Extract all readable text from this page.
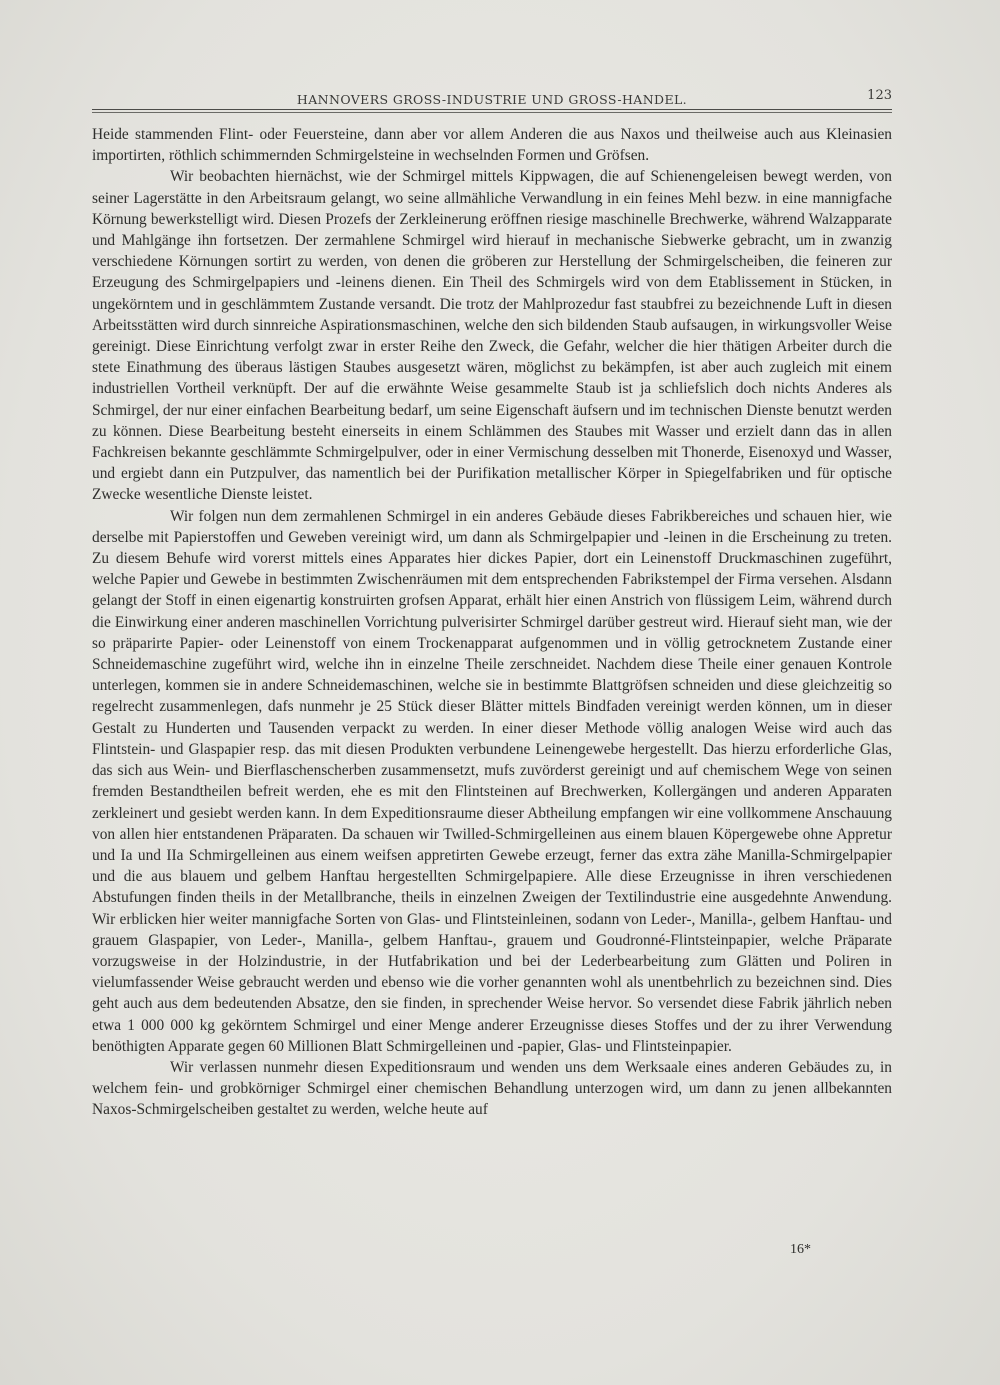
HANNOVERS GROSS-INDUSTRIE UND GROSS-HANDEL.	123

Heide stammenden Flint- oder Feuersteine, dann aber vor allem Anderen die aus Naxos und theilweise auch aus Kleinasien importirten, röthlich schimmernden Schmirgelsteine in wechselnden Formen und Gröfsen.

Wir beobachten hiernächst, wie der Schmirgel mittels Kippwagen, die auf Schienengeleisen bewegt werden, von seiner Lagerstätte in den Arbeitsraum gelangt, wo seine allmähliche Verwandlung in ein feines Mehl bezw. in eine mannigfache Körnung bewerkstelligt wird. Diesen Prozefs der Zerkleinerung eröffnen riesige maschinelle Brechwerke, während Walzapparate und Mahlgänge ihn fortsetzen. Der zermahlene Schmirgel wird hierauf in mechanische Siebwerke gebracht, um in zwanzig verschiedene Körnungen sortirt zu werden, von denen die gröberen zur Herstellung der Schmirgelscheiben, die feineren zur Erzeugung des Schmirgelpapiers und -leinens dienen. Ein Theil des Schmirgels wird von dem Etablissement in Stücken, in ungekörntem und in geschlämmtem Zustande versandt. Die trotz der Mahlprozedur fast staubfrei zu bezeichnende Luft in diesen Arbeitsstätten wird durch sinnreiche Aspirationsmaschinen, welche den sich bildenden Staub aufsaugen, in wirkungsvoller Weise gereinigt. Diese Einrichtung verfolgt zwar in erster Reihe den Zweck, die Gefahr, welcher die hier thätigen Arbeiter durch die stete Einathmung des überaus lästigen Staubes ausgesetzt wären, möglichst zu bekämpfen, ist aber auch zugleich mit einem industriellen Vortheil verknüpft. Der auf die erwähnte Weise gesammelte Staub ist ja schliefslich doch nichts Anderes als Schmirgel, der nur einer einfachen Bearbeitung bedarf, um seine Eigenschaft äufsern und im technischen Dienste benutzt werden zu können. Diese Bearbeitung besteht einerseits in einem Schlämmen des Staubes mit Wasser und erzielt dann das in allen Fachkreisen bekannte geschlämmte Schmirgelpulver, oder in einer Vermischung desselben mit Thonerde, Eisenoxyd und Wasser, und ergiebt dann ein Putzpulver, das namentlich bei der Purifikation metallischer Körper in Spiegelfabriken und für optische Zwecke wesentliche Dienste leistet.

Wir folgen nun dem zermahlenen Schmirgel in ein anderes Gebäude dieses Fabrikbereiches und schauen hier, wie derselbe mit Papierstoffen und Geweben vereinigt wird, um dann als Schmirgelpapier und -leinen in die Erscheinung zu treten. Zu diesem Behufe wird vorerst mittels eines Apparates hier dickes Papier, dort ein Leinenstoff Druckmaschinen zugeführt, welche Papier und Gewebe in bestimmten Zwischenräumen mit dem entsprechenden Fabrikstempel der Firma versehen. Alsdann gelangt der Stoff in einen eigenartig konstruirten grofsen Apparat, erhält hier einen Anstrich von flüssigem Leim, während durch die Einwirkung einer anderen maschinellen Vorrichtung pulverisirter Schmirgel darüber gestreut wird. Hierauf sieht man, wie der so präparirte Papier- oder Leinenstoff von einem Trockenapparat aufgenommen und in völlig getrocknetem Zustande einer Schneidemaschine zugeführt wird, welche ihn in einzelne Theile zerschneidet. Nachdem diese Theile einer genauen Kontrole unterlegen, kommen sie in andere Schneidemaschinen, welche sie in bestimmte Blattgröfsen schneiden und diese gleichzeitig so regelrecht zusammenlegen, dafs nunmehr je 25 Stück dieser Blätter mittels Bindfaden vereinigt werden können, um in dieser Gestalt zu Hunderten und Tausenden verpackt zu werden. In einer dieser Methode völlig analogen Weise wird auch das Flintstein- und Glaspapier resp. das mit diesen Produkten verbundene Leinengewebe hergestellt. Das hierzu erforderliche Glas, das sich aus Wein- und Bierflaschenscherben zusammensetzt, mufs zuvörderst gereinigt und auf chemischem Wege von seinen fremden Bestandtheilen befreit werden, ehe es mit den Flintsteinen auf Brechwerken, Kollergängen und anderen Apparaten zerkleinert und gesiebt werden kann. In dem Expeditionsraume dieser Abtheilung empfangen wir eine vollkommene Anschauung von allen hier entstandenen Präparaten. Da schauen wir Twilled-Schmirgelleinen aus einem blauen Köpergewebe ohne Appretur und Ia und IIa Schmirgelleinen aus einem weifsen appretirten Gewebe erzeugt, ferner das extra zähe Manilla-Schmirgelpapier und die aus blauem und gelbem Hanftau hergestellten Schmirgelpapiere. Alle diese Erzeugnisse in ihren verschiedenen Abstufungen finden theils in der Metallbranche, theils in einzelnen Zweigen der Textilindustrie eine ausgedehnte Anwendung. Wir erblicken hier weiter mannigfache Sorten von Glas- und Flintsteinleinen, sodann von Leder-, Manilla-, gelbem Hanftau- und grauem Glaspapier, von Leder-, Manilla-, gelbem Hanftau-, grauem und Goudronné-Flintsteinpapier, welche Präparate vorzugsweise in der Holzindustrie, in der Hutfabrikation und bei der Lederbearbeitung zum Glätten und Poliren in vielumfassender Weise gebraucht werden und ebenso wie die vorher genannten wohl als unentbehrlich zu bezeichnen sind. Dies geht auch aus dem bedeutenden Absatze, den sie finden, in sprechender Weise hervor. So versendet diese Fabrik jährlich neben etwa 1 000 000 kg gekörntem Schmirgel und einer Menge anderer Erzeugnisse dieses Stoffes und der zu ihrer Verwendung benöthigten Apparate gegen 60 Millionen Blatt Schmirgelleinen und -papier, Glas- und Flintsteinpapier.

Wir verlassen nunmehr diesen Expeditionsraum und wenden uns dem Werksaale eines anderen Gebäudes zu, in welchem fein- und grobkörniger Schmirgel einer chemischen Behandlung unterzogen wird, um dann zu jenen allbekannten Naxos-Schmirgelscheiben gestaltet zu werden, welche heute auf

16*
